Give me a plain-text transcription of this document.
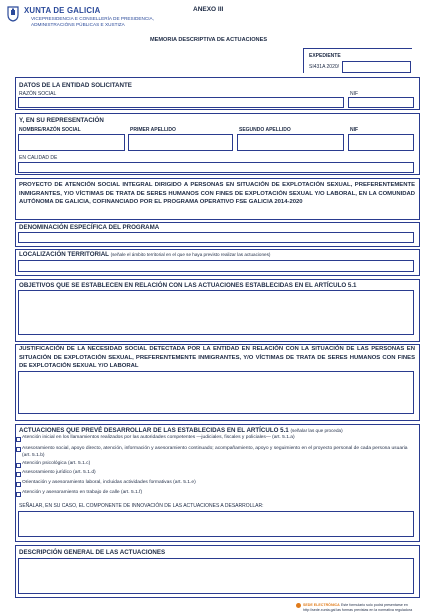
XUNTA DE GALICIA
VICEPRESIDENCIA E CONSELLERÍA DE PRESIDENCIA,
ADMINISTRACIÓNS PÚBLICAS E XUSTIZA
ANEXO III
MEMORIA DESCRIPTIVA DE ACTUACIONES
EXPEDIENTE
SI431A 2020/
DATOS DE LA ENTIDAD SOLICITANTE
RAZÓN SOCIAL	NIF
Y, EN SU REPRESENTACIÓN
NOMBRE/RAZÓN SOCIAL	PRIMER APELLIDO	SEGUNDO APELLIDO	NIF
EN CALIDAD DE
PROYECTO DE ATENCIÓN SOCIAL INTEGRAL DIRIGIDO A PERSONAS EN SITUACIÓN DE EXPLOTACIÓN SEXUAL, PREFERENTEMENTE INMIGRANTES, Y/O VÍCTIMAS DE TRATA DE SERES HUMANOS CON FINES DE EXPLOTACIÓN SEXUAL Y/O LABORAL, EN LA COMUNIDAD AUTÓNOMA DE GALICIA, COFINANCIADO POR EL PROGRAMA OPERATIVO FSE GALICIA 2014-2020
DENOMINACIÓN ESPECÍFICA DEL PROGRAMA
LOCALIZACIÓN TERRITORIAL (señale el ámbito territorial en el que se haya previsto realizar las actuaciones)
OBJETIVOS QUE SE ESTABLECEN EN RELACIÓN CON LAS ACTUACIONES ESTABLECIDAS EN EL ARTÍCULO 5.1
JUSTIFICACIÓN DE LA NECESIDAD SOCIAL DETECTADA POR LA ENTIDAD EN RELACIÓN CON LA SITUACIÓN DE LAS PERSONAS EN SITUACIÓN DE EXPLOTACIÓN SEXUAL, PREFERENTEMENTE INMIGRANTES, Y/O VÍCTIMAS DE TRATA DE SERES HUMANOS CON FINES DE EXPLOTACIÓN SEXUAL Y/O LABORAL
ACTUACIONES QUE PREVÉ DESARROLLAR DE LAS ESTABLECIDAS EN EL ARTÍCULO 5.1 (señalar las que proceda)
Atención inicial en los llamamientos realizados por las autoridades competentes —judiciales, fiscales y policiales— (art. 5.1.a)
Asesoramiento social, apoyo directo, atención, información y asesoramiento continuado; acompañamiento, apoyo y seguimiento en el proyecto personal de cada persona usuaria (art. 5.1.b)
Atención psicológica (art. 5.1.c)
Asesoramiento jurídico (art. 5.1.d)
Orientación y asesoramiento laboral, incluidas actividades formativas (art. 5.1.e)
Atención y asesoramiento en trabajo de calle (art. 5.1.f)
SEÑALAR, EN SU CASO, EL COMPONENTE DE INNOVACIÓN DE LAS ACTUACIONES A DESARROLLAR:
DESCRIPCIÓN GENERAL DE LAS ACTUACIONES
SEDE ELECTRÓNICA Este formulario solo podrá presentarse en
http://sede.xunta.gal las formas previstas en la normativa reguladora
